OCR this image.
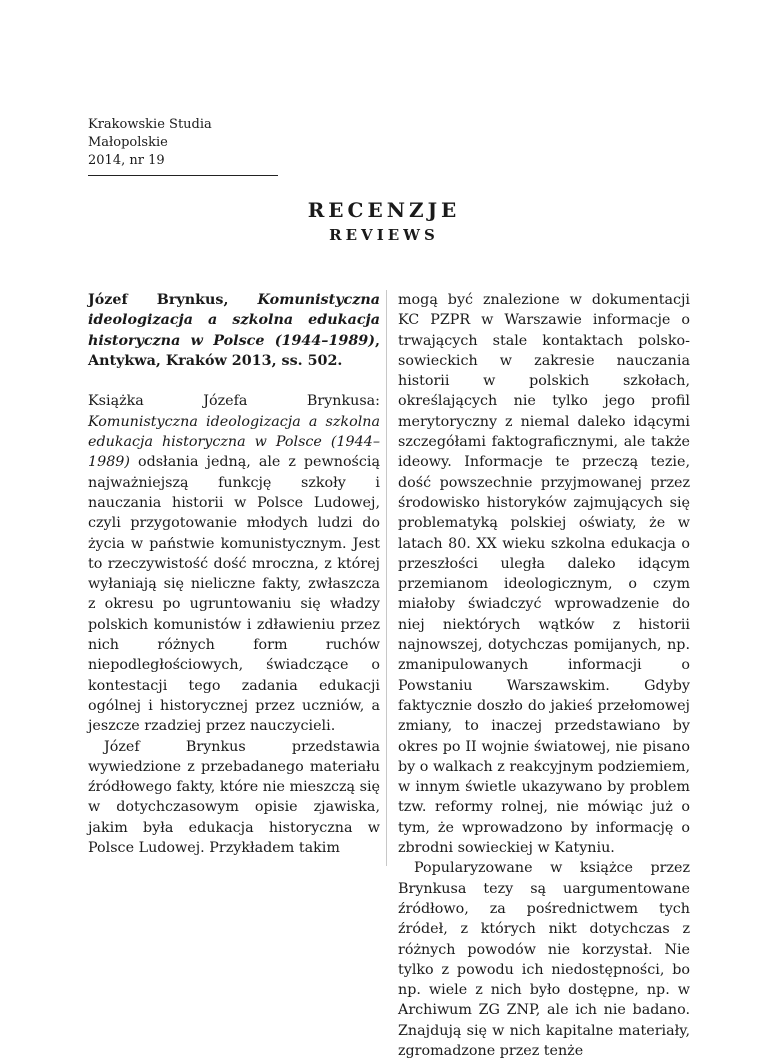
Krakowskie Studia Małopolskie
2014, nr 19
RECENZJE
REVIEWS

Józef Brynkus, Komunistyczna ideologizacja a szkolna edukacja historyczna w Polsce (1944–1989), Antykwa, Kraków 2013, ss. 502.

Książka Józefa Brynkusa: Komunistyczna ideologizacja a szkolna edukacja historyczna w Polsce (1944–1989) odsłania jedną, ale z pewnością najważniejszą funkcję szkoły i nauczania historii w Polsce Ludowej, czyli przygotowanie młodych ludzi do życia w państwie komunistycznym. Jest to rzeczywistość dość mroczna, z której wyłaniają się nieliczne fakty, zwłaszcza z okresu po ugruntowaniu się władzy polskich komunistów i zdławieniu przez nich różnych form ruchów niepodległościowych, świadczące o kontestacji tego zadania edukacji ogólnej i historycznej przez uczniów, a jeszcze rzadziej przez nauczycieli.

Józef Brynkus przedstawia wywiedzione z przebadanego materiału źródłowego fakty, które nie mieszczą się w dotychczasowym opisie zjawiska, jakim była edukacja historyczna w Polsce Ludowej. Przykładem takim

mogą być znalezione w dokumentacji KC PZPR w Warszawie informacje o trwających stale kontaktach polsko-sowieckich w zakresie nauczania historii w polskich szkołach, określających nie tylko jego profil merytoryczny z niemal daleko idącymi szczegółami faktograficznymi, ale także ideowy. Informacje te przeczą tezie, dość powszechnie przyjmowanej przez środowisko historyków zajmujących się problematyką polskiej oświaty, że w latach 80. XX wieku szkolna edukacja o przeszłości uległa daleko idącym przemianom ideologicznym, o czym miałoby świadczyć wprowadzenie do niej niektórych wątków z historii najnowszej, dotychczas pomijanych, np. zmanipulowanych informacji o Powstaniu Warszawskim. Gdyby faktycznie doszło do jakieś przełomowej zmiany, to inaczej przedstawiano by okres po II wojnie światowej, nie pisano by o walkach z reakcyjnym podziemiem, w innym świetle ukazywano by problem tzw. reformy rolnej, nie mówiąc już o tym, że wprowadzono by informację o zbrodni sowieckiej w Katyniu.

Popularyzowane w książce przez Brynkusa tezy są uargumentowane źródłowo, za pośrednictwem tych źródeł, z których nikt dotychczas z różnych powodów nie korzystał. Nie tylko z powodu ich niedostępności, bo np. wiele z nich było dostępne, np. w Archiwum ZG ZNP, ale ich nie badano. Znajdują się w nich kapitalne materiały, zgromadzone przez tenże
